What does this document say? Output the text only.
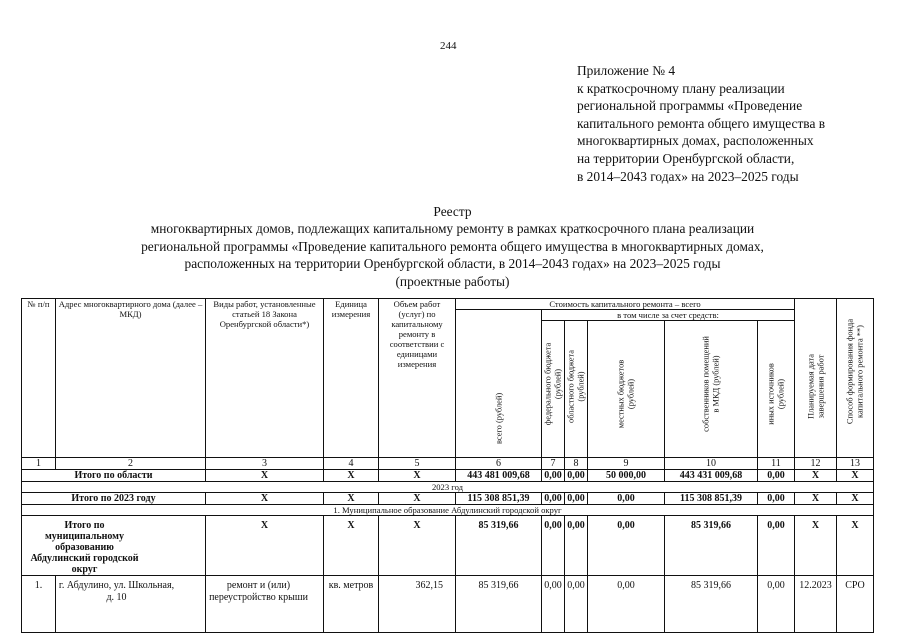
244
Приложение № 4
к краткосрочному плану реализации
региональной программы «Проведение
капитального ремонта общего имущества в
многоквартирных домах, расположенных
на территории Оренбургской области,
в 2014–2043 годах» на 2023–2025 годы
Реестр
многоквартирных домов, подлежащих капитальному ремонту в рамках краткосрочного плана реализации
региональной программы «Проведение капитального ремонта общего имущества в многоквартирных домах,
расположенных на территории Оренбургской области, в 2014–2043 годах» на 2023–2025 годы
(проектные работы)
№ п/п	Адрес многоквартирного дома (далее – МКД)	Виды работ, установленные статьей 18 Закона Оренбургской области*)	Единица измерения	Объем работ (услуг) по капитальному ремонту в соответствии с единицами измерения	Стоимость капитального ремонта – всего						Планируемая дата завершения работ	Способ формирования фонда капитального ремонта **)

					всего (рублей)	в том числе за счет средств:						

						федерального бюджета (рублей)	областного бюджета (рублей)	местных бюджетов (рублей)	собственников помещений в МКД (рублей)	иных источников (рублей)		

1	2	3	4	5	6	7	8	9	10	11	12	13
Итого по области		Х	Х	Х	443 481 009,68	0,00	0,00	50 000,00	443 431 009,68	0,00	Х	Х
2023 год												
Итого по 2023 году		Х	Х	Х	115 308 851,39	0,00	0,00	0,00	115 308 851,39	0,00	Х	Х
1. Муниципальное образование Абдулинский городской округ												
Итого по муниципальному образованию Абдулинский городской округ		Х	Х	Х	85 319,66	0,00	0,00	0,00	85 319,66	0,00	Х	Х
1.	г. Абдулино, ул. Школьная, д. 10	ремонт и (или) переустройство крыши	кв. метров	362,15	85 319,66	0,00	0,00	0,00	85 319,66	0,00	12.2023	СРО
